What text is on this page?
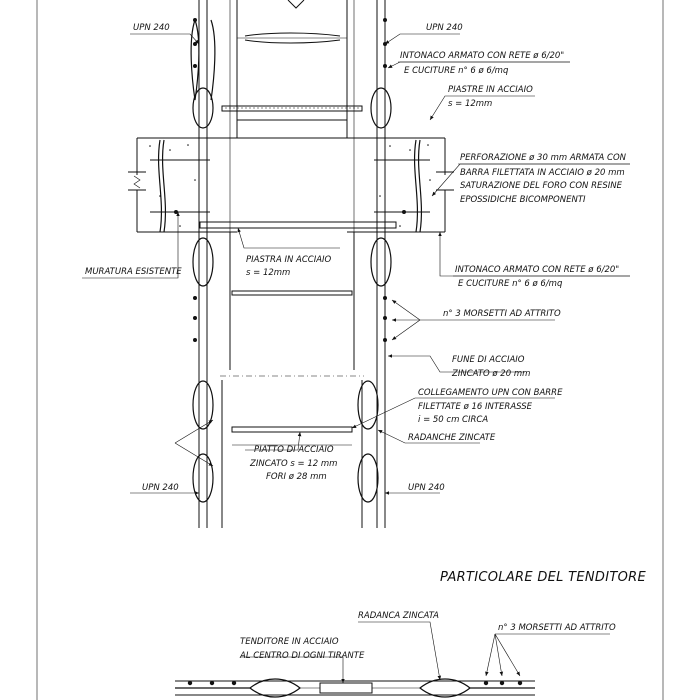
UPN 240	UPN 240
INTONACO ARMATO CON RETE ø 6/20"
E CUCITURE n° 6 ø 6/mq
PIASTRE IN ACCIAIO
s = 12mm
PERFORAZIONE ø 30 mm ARMATA CON
BARRA FILETTATA IN ACCIAIO ø 20 mm
SATURAZIONE DEL FORO CON RESINE
EPOSSIDICHE BICOMPONENTI
PIASTRA IN ACCIAIO
s = 12mm
MURATURA ESISTENTE	INTONACO ARMATO CON RETE ø 6/20"
E CUCITURE n° 6 ø 6/mq
n° 3 MORSETTI AD ATTRITO
FUNE DI ACCIAIO
ZINCATO ø 20 mm
COLLEGAMENTO UPN CON BARRE
FILETTATE ø 16 INTERASSE
i = 50 cm CIRCA
RADANCHE ZINCATE
PIATTO DI ACCIAIO
ZINCATO s = 12 mm
FORI ø 28 mm
UPN 240	UPN 240
PARTICOLARE DEL TENDITORE
RADANCA ZINCATA
n° 3 MORSETTI AD ATTRITO
TENDITORE IN ACCIAIO
AL CENTRO DI OGNI TIRANTE
